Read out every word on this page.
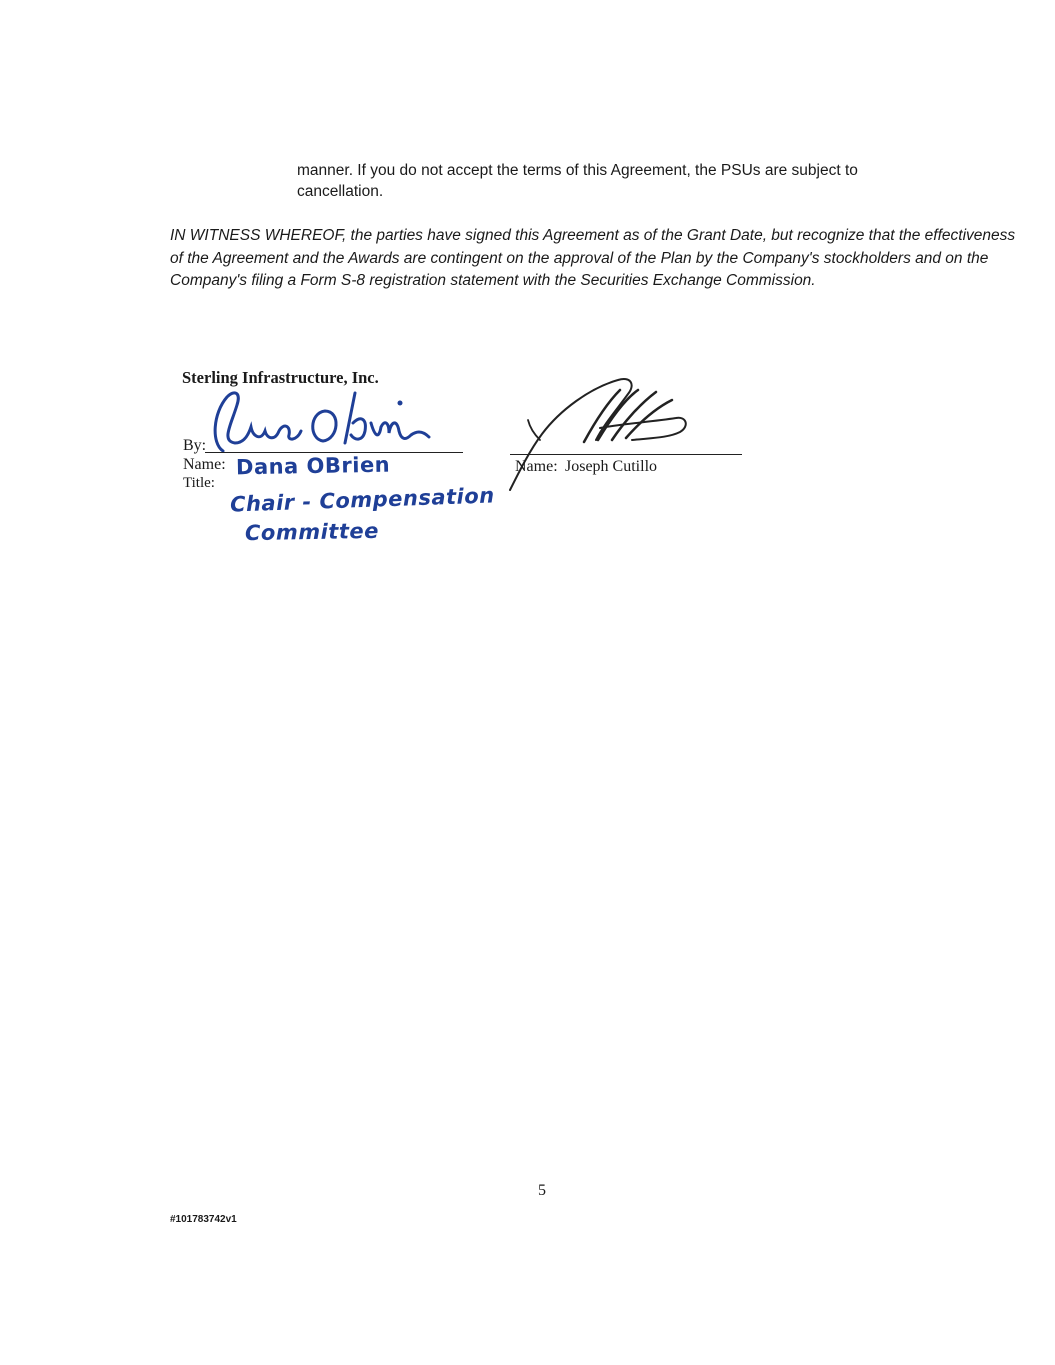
manner. If you do not accept the terms of this Agreement, the PSUs are subject to cancellation.
IN WITNESS WHEREOF, the parties have signed this Agreement as of the Grant Date, but recognize that the effectiveness of the Agreement and the Awards are contingent on the approval of the Plan by the Company's stockholders and on the Company's filing a Form S-8 registration statement with the Securities Exchange Commission.
Sterling Infrastructure, Inc.
By:
Name: Dana OBrien
Title:
Chair - Compensation
Committee
Name: Joseph Cutillo
5
#101783742v1
